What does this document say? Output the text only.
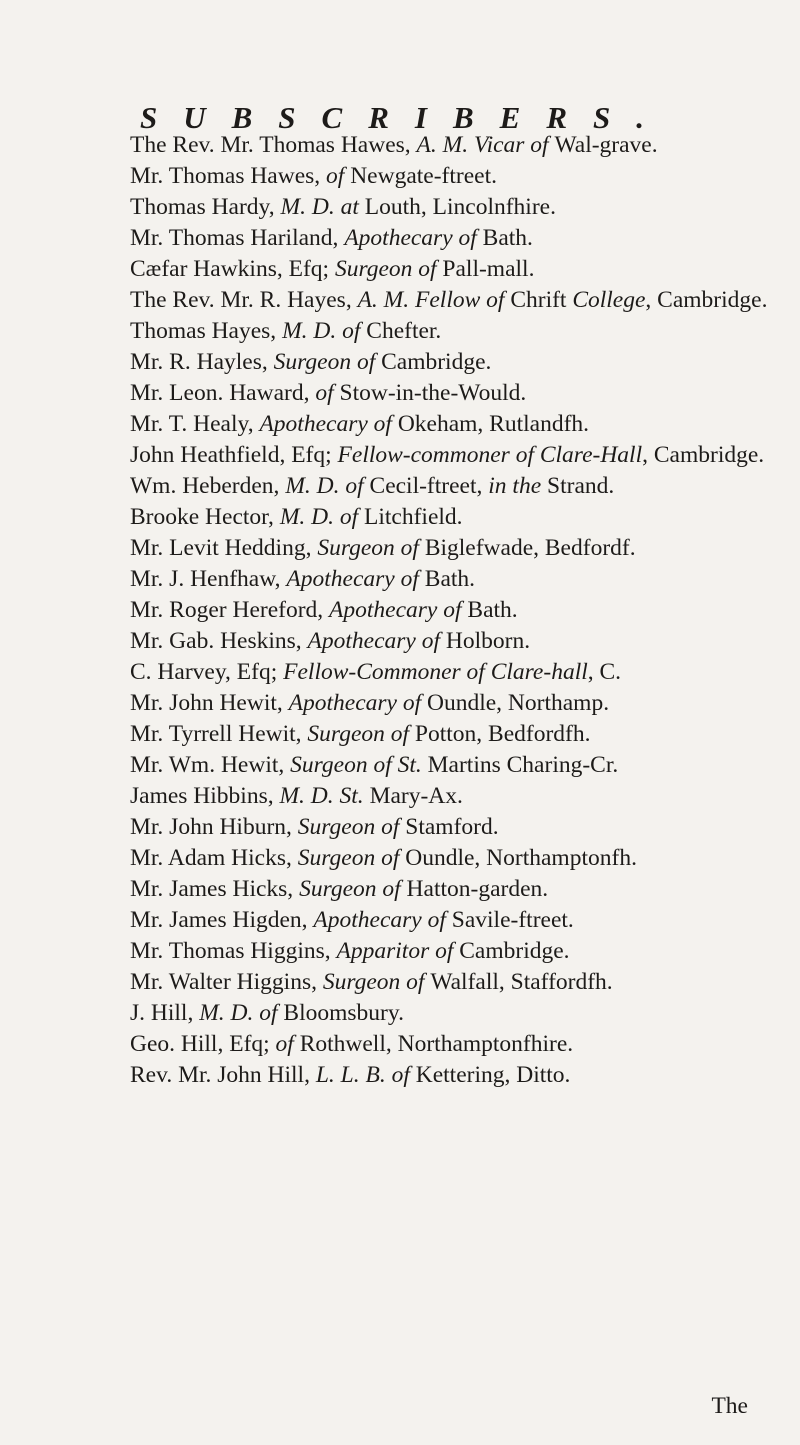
SUBSCRIBERS.
The Rev. Mr. Thomas Hawes, A. M. Vicar of Wal-grave.
Mr. Thomas Hawes, of Newgate-ftreet.
Thomas Hardy, M. D. at Louth, Lincolnfhire.
Mr. Thomas Hariland, Apothecary of Bath.
Cæfar Hawkins, Efq; Surgeon of Pall-mall.
The Rev. Mr. R. Hayes, A. M. Fellow of Chrift College, Cambridge.
Thomas Hayes, M. D. of Chefter.
Mr. R. Hayles, Surgeon of Cambridge.
Mr. Leon. Haward, of Stow-in-the-Would.
Mr. T. Healy, Apothecary of Okeham, Rutlandfh.
John Heathfield, Efq; Fellow-commoner of Clare-Hall, Cambridge.
Wm. Heberden, M. D. of Cecil-ftreet, in the Strand.
Brooke Hector, M. D. of Litchfield.
Mr. Levit Hedding, Surgeon of Biglefwade, Bedfordf.
Mr. J. Henfhaw, Apothecary of Bath.
Mr. Roger Hereford, Apothecary of Bath.
Mr. Gab. Heskins, Apothecary of Holborn.
C. Harvey, Efq; Fellow-Commoner of Clare-hall, C.
Mr. John Hewit, Apothecary of Oundle, Northamp.
Mr. Tyrrell Hewit, Surgeon of Potton, Bedfordfh.
Mr. Wm. Hewit, Surgeon of St. Martins Charing-Cr.
James Hibbins, M. D. St. Mary-Ax.
Mr. John Hiburn, Surgeon of Stamford.
Mr. Adam Hicks, Surgeon of Oundle, Northamptonfh.
Mr. James Hicks, Surgeon of Hatton-garden.
Mr. James Higden, Apothecary of Savile-ftreet.
Mr. Thomas Higgins, Apparitor of Cambridge.
Mr. Walter Higgins, Surgeon of Walfall, Staffordfh.
J. Hill, M. D. of Bloomsbury.
Geo. Hill, Efq; of Rothwell, Northamptonfhire.
Rev. Mr. John Hill, L. L. B. of Kettering, Ditto.
The
